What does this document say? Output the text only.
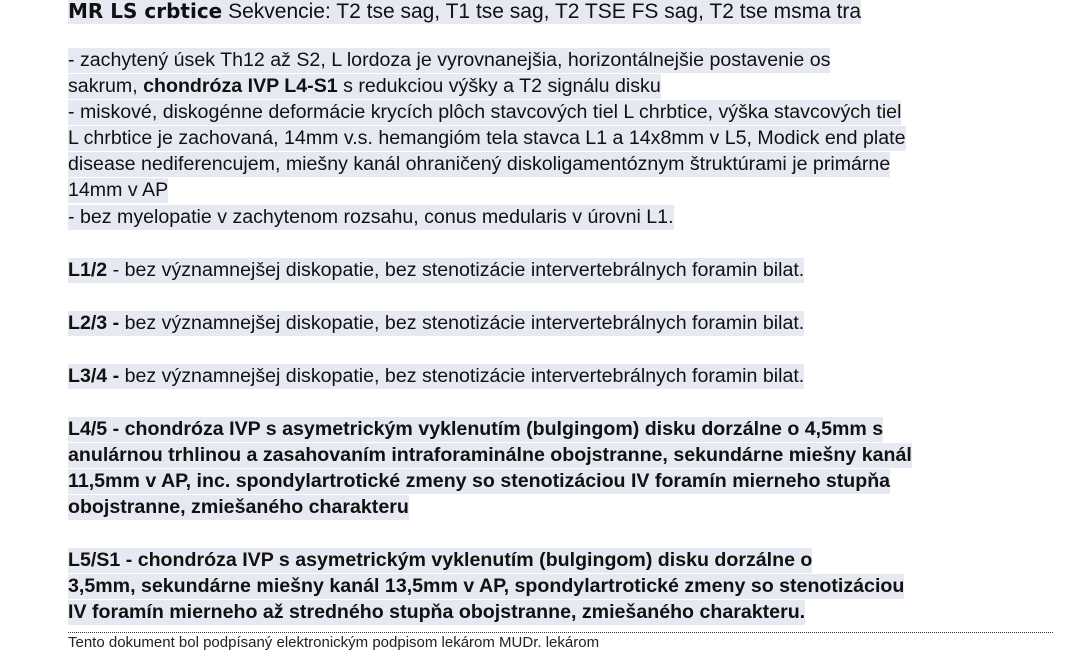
MR LS crbtice Sekvencie: T2 tse sag, T1 tse sag, T2 TSE FS sag, T2 tse msma tra
- zachytený úsek Th12 až S2, L lordoza je vyrovnanejšia, horizontálnejšie postavenie os
sakrum, chondróza IVP L4-S1 s redukciou výšky a T2 signálu disku
- miskové, diskogénne deformácie krycích plôch stavcových tiel L chrbtice, výška stavcových tiel
L chrbtice je zachovaná, 14mm v.s. hemangióm tela stavca L1 a 14x8mm v L5, Modick end plate
disease nediferencujem, miešny kanál ohraničený diskoligamentóznym štruktúrami je primárne
14mm v AP
- bez myelopatie v zachytenom rozsahu, conus medularis v úrovni L1.
L1/2 - bez významnejšej diskopatie, bez stenotizácie intervertebrálnych foramin bilat.
L2/3 - bez významnejšej diskopatie, bez stenotizácie intervertebrálnych foramin bilat.
L3/4 - bez významnejšej diskopatie, bez stenotizácie intervertebrálnych foramin bilat.
L4/5 - chondróza IVP s asymetrickým vyklenutím (bulgingom) disku dorzálne o 4,5mm s
anulárnou trhlinou a zasahovaním intraforaminálne obojstranne, sekundárne miešny kanál
11,5mm v AP, inc. spondylartrotické zmeny so stenotizáciou IV foramín mierneho stupňa
obojstranne, zmiešaného charakteru
L5/S1 - chondróza IVP s asymetrickým vyklenutím (bulgingom) disku dorzálne o
3,5mm, sekundárne miešny kanál 13,5mm v AP, spondylartrotické zmeny so stenotizáciou
IV foramín mierneho až stredného stupňa obojstranne, zmiešaného charakteru.
Tento dokument bol podpísaný elektronickým podpisom lekárom MUDr. lekárom
